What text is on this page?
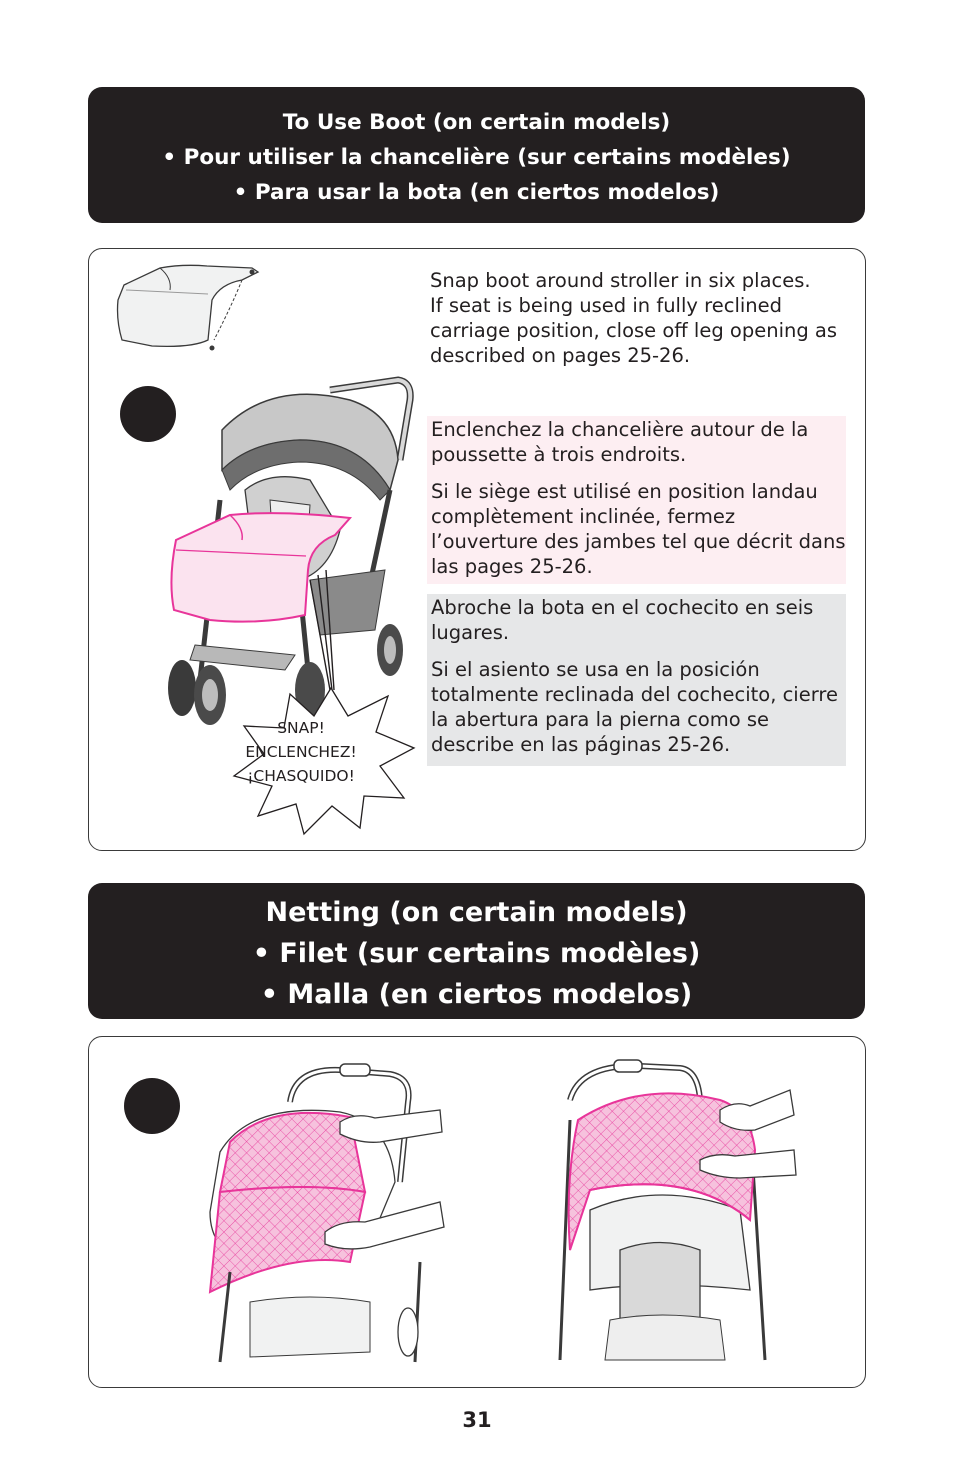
To Use Boot (on certain models)
• Pour utiliser la chancelière (sur certains modèles)
• Para usar la bota (en ciertos modelos)
SNAP!
ENCLENCHEZ!
¡CHASQUIDO!

Snap boot around stroller in six places.

If seat is being used in fully reclined carriage position, close off leg opening as described on pages 25-26.

Enclenchez la chancelière autour de la poussette à trois endroits.

Si le siège est utilisé en position landau complètement inclinée, fermez l’ouverture des jambes tel que décrit dans las pages 25-26.

Abroche la bota en el cochecito en seis lugares.

Si el asiento se usa en la posición totalmente reclinada del cochecito, cierre la abertura para la pierna como se describe en las páginas 25-26.

Netting (on certain models)
• Filet (sur certains modèles)
• Malla (en ciertos modelos)
31
